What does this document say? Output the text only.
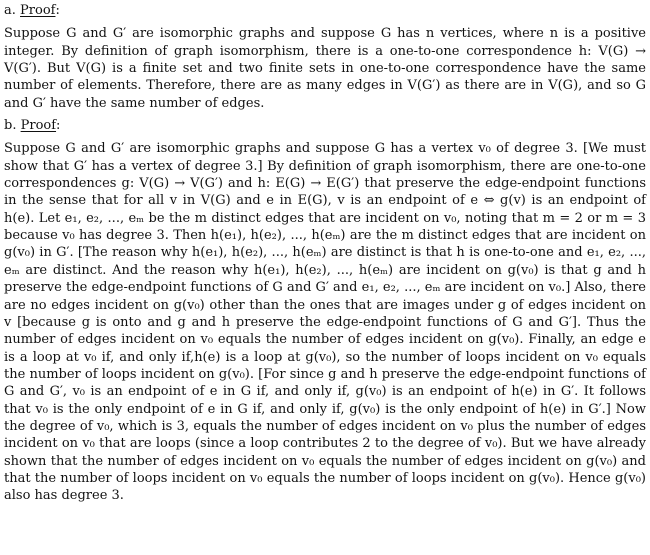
a. Proof:

Suppose G and G′ are isomorphic graphs and suppose G has n vertices, where n is a positive integer. By definition of graph isomorphism, there is a one-to-one correspondence h: V(G) → V(G′). But V(G) is a finite set and two finite sets in one-to-one correspondence have the same number of elements. Therefore, there are as many edges in V(G′) as there are in V(G), and so G and G′ have the same number of edges.

b. Proof:

Suppose G and G′ are isomorphic graphs and suppose G has a vertex v₀ of degree 3. [We must show that G′ has a vertex of degree 3.] By definition of graph isomorphism, there are one-to-one correspondences g: V(G) → V(G′) and h: E(G) → E(G′) that preserve the edge-endpoint functions in the sense that for all v in V(G) and e in E(G), v is an endpoint of e ⇔ g(v) is an endpoint of h(e). Let e₁, e₂, ..., eₘ be the m distinct edges that are incident on v₀, noting that m = 2 or m = 3 because v₀ has degree 3. Then h(e₁), h(e₂), ..., h(eₘ) are the m distinct edges that are incident on g(v₀) in G′. [The reason why h(e₁), h(e₂), ..., h(eₘ) are distinct is that h is one-to-one and e₁, e₂, ..., eₘ are distinct. And the reason why h(e₁), h(e₂), ..., h(eₘ) are incident on g(v₀) is that g and h preserve the edge-endpoint functions of G and G′ and e₁, e₂, ..., eₘ are incident on v₀.] Also, there are no edges incident on g(v₀) other than the ones that are images under g of edges incident on v [because g is onto and g and h preserve the edge-endpoint functions of G and G′]. Thus the number of edges incident on v₀ equals the number of edges incident on g(v₀). Finally, an edge e is a loop at v₀ if, and only if,h(e) is a loop at g(v₀), so the number of loops incident on v₀ equals the number of loops incident on g(v₀). [For since g and h preserve the edge-endpoint functions of G and G′, v₀ is an endpoint of e in G if, and only if, g(v₀) is an endpoint of h(e) in G′. It follows that v₀ is the only endpoint of e in G if, and only if, g(v₀) is the only endpoint of h(e) in G′.] Now the degree of v₀, which is 3, equals the number of edges incident on v₀ plus the number of edges incident on v₀ that are loops (since a loop contributes 2 to the degree of v₀). But we have already shown that the number of edges incident on v₀ equals the number of edges incident on g(v₀) and that the number of loops incident on v₀ equals the number of loops incident on g(v₀). Hence g(v₀) also has degree 3.
